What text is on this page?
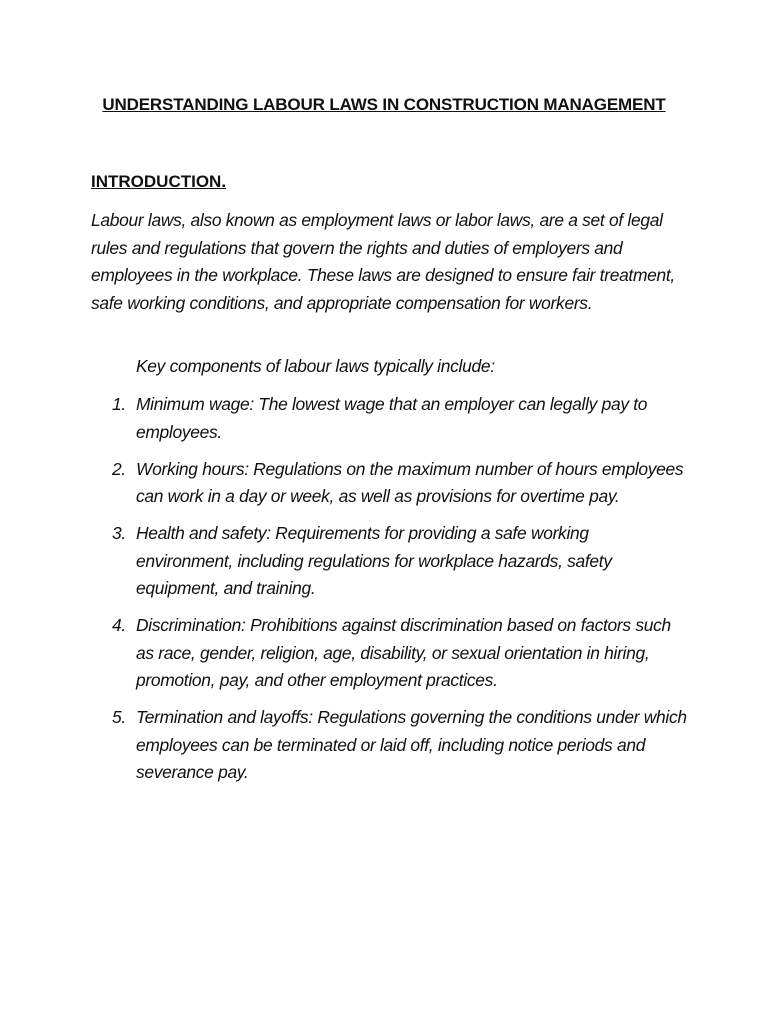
UNDERSTANDING LABOUR LAWS IN CONSTRUCTION MANAGEMENT
INTRODUCTION.

Labour laws, also known as employment laws or labor laws, are a set of legal rules and regulations that govern the rights and duties of employers and employees in the workplace. These laws are designed to ensure fair treatment, safe working conditions, and appropriate compensation for workers.

Key components of labour laws typically include:

1. Minimum wage: The lowest wage that an employer can legally pay to employees.
2. Working hours: Regulations on the maximum number of hours employees can work in a day or week, as well as provisions for overtime pay.
3. Health and safety: Requirements for providing a safe working environment, including regulations for workplace hazards, safety equipment, and training.
4. Discrimination: Prohibitions against discrimination based on factors such as race, gender, religion, age, disability, or sexual orientation in hiring, promotion, pay, and other employment practices.
5. Termination and layoffs: Regulations governing the conditions under which employees can be terminated or laid off, including notice periods and severance pay.
